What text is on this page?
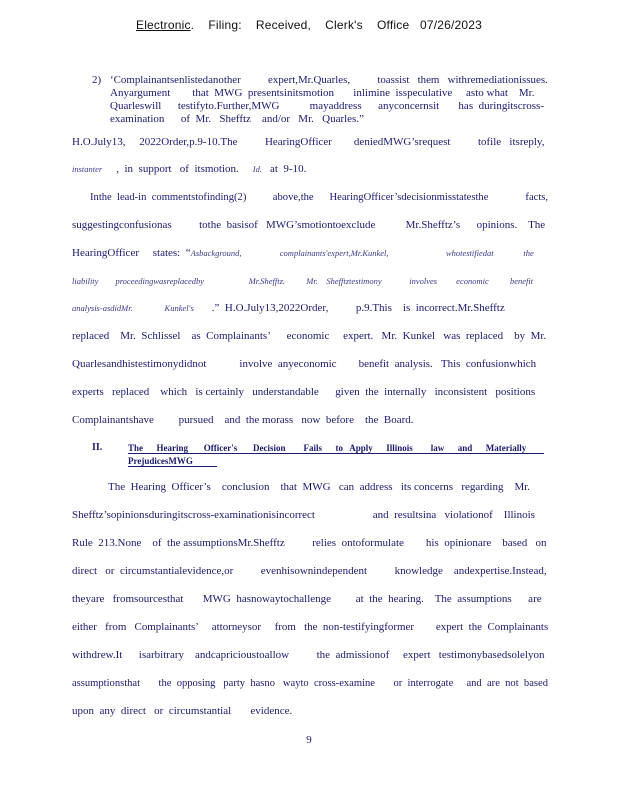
Electronic.    Filing:    Received,    Clerk's    Office   07/26/2023
2) ‘Complainantsenlistedanother          expert,Mr.Quarles,          toassist   them   withremediationissues.
Anyargument        that  MWG  presentsinitsmotion       inlimine  isspeculative     asto what    Mr.
Quarleswill      testifyto.Further,MWG           mayaddress      anyconcernsit       has  duringitscross-
examination      of  Mr.   Shefftz    and/or   Mr.   Quarles.”
H.O.July13,     2022Order,p.9-10.The          HearingOfficer        deniedMWG’srequest          tofile   itsreply,
instanter ,  in  support   of  itsmotion. Id. at  9-10.
Inthe  lead-in  commentstofinding(2)          above,the      HearingOfficer’sdecisionmisstatesthe              facts,
suggestingconfusionas          tothe  basisof   MWG’smotiontoexclude           Mr.Shefftz’s      opinions.    The
HearingOfficer     states:  “Asbackground,                  complainants'expert,Mr.Kunkel,                           whotestifiedat              the
liability        proceedingwasreplacedby                     Mr.Shefftz.          Mr.    Shefftztestimony             involves         economic          benefit
analysis-asdidMr.               Kunkel's .”  H.O.July13,2022Order,          p.9.This    is  incorrect.Mr.Shefftz
replaced    Mr.  Schlissel    as  Complainants’      economic     expert.   Mr.  Kunkel   was  replaced    by  Mr.
Quarlesandhistestimonydidnot            involve  anyeconomic        benefit  analysis.   This  confusionwhich
experts   replaced    which   is certainly   understandable      given  the  internally   inconsistent   positions
Complainantshave         pursued    and  the morass   now  before    the  Board.
II.	The      Hearing       Officer's       Decision        Fails      to   Apply      Illinois        law      and      Materially
PrejudicesMWG
The  Hearing  Officer’s    conclusion    that  MWG   can  address   its concerns   regarding    Mr.
Shefftz’sopinionsduringitscross-examinationisincorrect                     and  resultsina   violationof    Illinois
Rule  213.None    of  the assumptionsMr.Shefftz          relies  ontoformulate        his  opinionare    based   on
direct   or  circumstantialevidence,or          evenhisownindependent          knowledge    andexpertise.Instead,
theyare   fromsourcesthat       MWG  hasnowaytochallenge         at  the  hearing.    The  assumptions      are
either   from   Complainants’     attorneysor     from   the  non-testifyingformer        expert  the  Complainants
withdrew.It      isarbitrary    andcapricioustoallow          the  admissionof     expert   testimonybasedsolelyon
assumptionsthat       the  opposing   party  hasno   wayto  cross-examine       or  interrogate     and  are  not  based
upon  any  direct   or  circumstantial       evidence.
9
